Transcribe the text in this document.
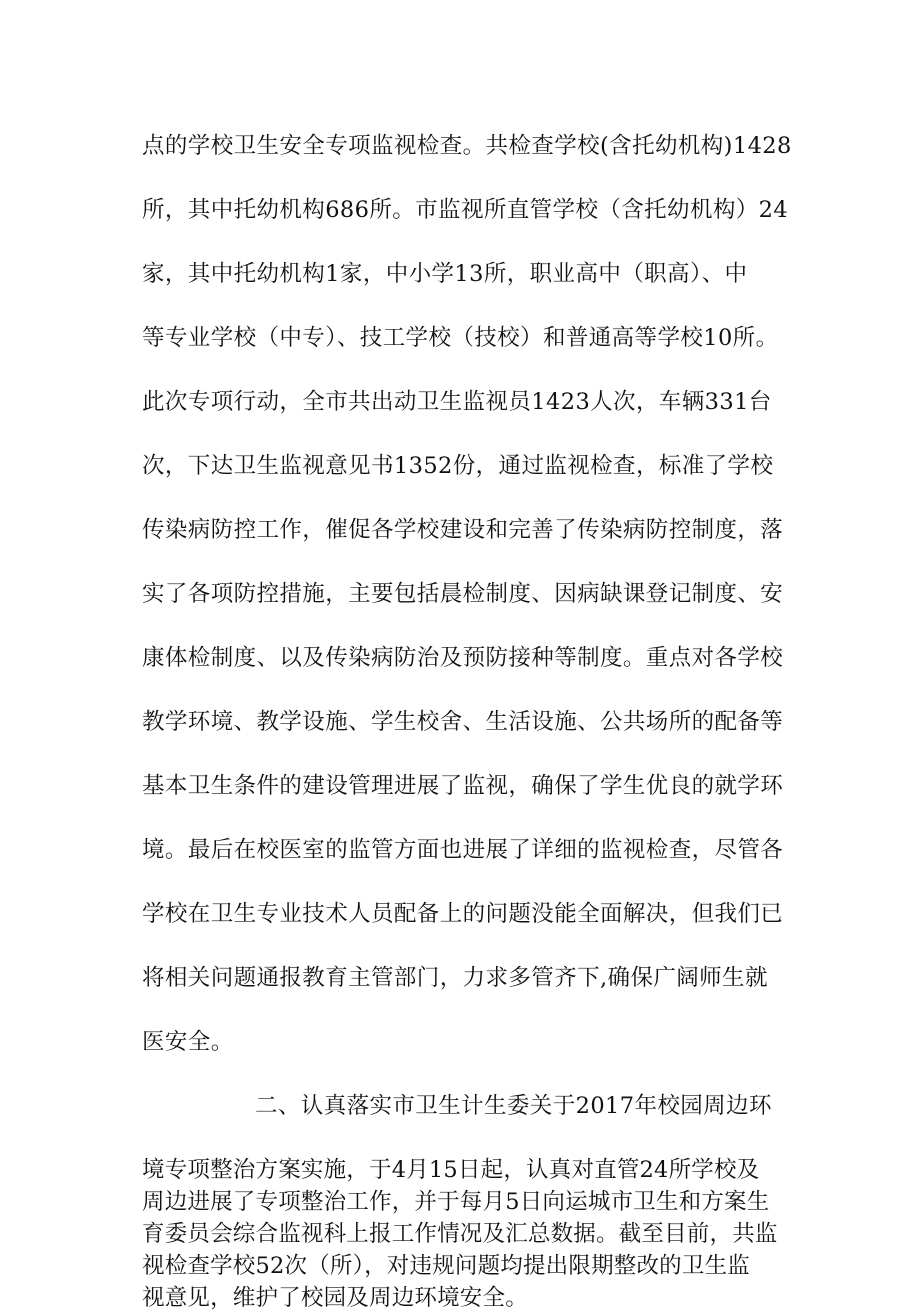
点的学校卫生安全专项监视检查。共检查学校(含托幼机构)1428

所，其中托幼机构686所。市监视所直管学校（含托幼机构）24

家，其中托幼机构1家，中小学13所，职业高中（职高）、中

等专业学校（中专）、技工学校（技校）和普通高等学校10所。

此次专项行动，全市共出动卫生监视员1423人次，车辆331台

次，下达卫生监视意见书1352份，通过监视检查，标准了学校

传染病防控工作，催促各学校建设和完善了传染病防控制度，落

实了各项防控措施，主要包括晨检制度、因病缺课登记制度、安

康体检制度、以及传染病防治及预防接种等制度。重点对各学校

教学环境、教学设施、学生校舍、生活设施、公共场所的配备等

基本卫生条件的建设管理进展了监视，确保了学生优良的就学环

境。最后在校医室的监管方面也进展了详细的监视检查，尽管各

学校在卫生专业技术人员配备上的问题没能全面解决，但我们已

将相关问题通报教育主管部门，力求多管齐下,确保广阔师生就

医安全。

二、认真落实市卫生计生委关于2017年校园周边环

境专项整治方案实施，于4月15日起，认真对直管24所学校及

周边进展了专项整治工作，并于每月5日向运城市卫生和方案生

育委员会综合监视科上报工作情况及汇总数据。截至目前，共监

视检查学校52次（所），对违规问题均提出限期整改的卫生监

视意见，维护了校园及周边环境安全。
